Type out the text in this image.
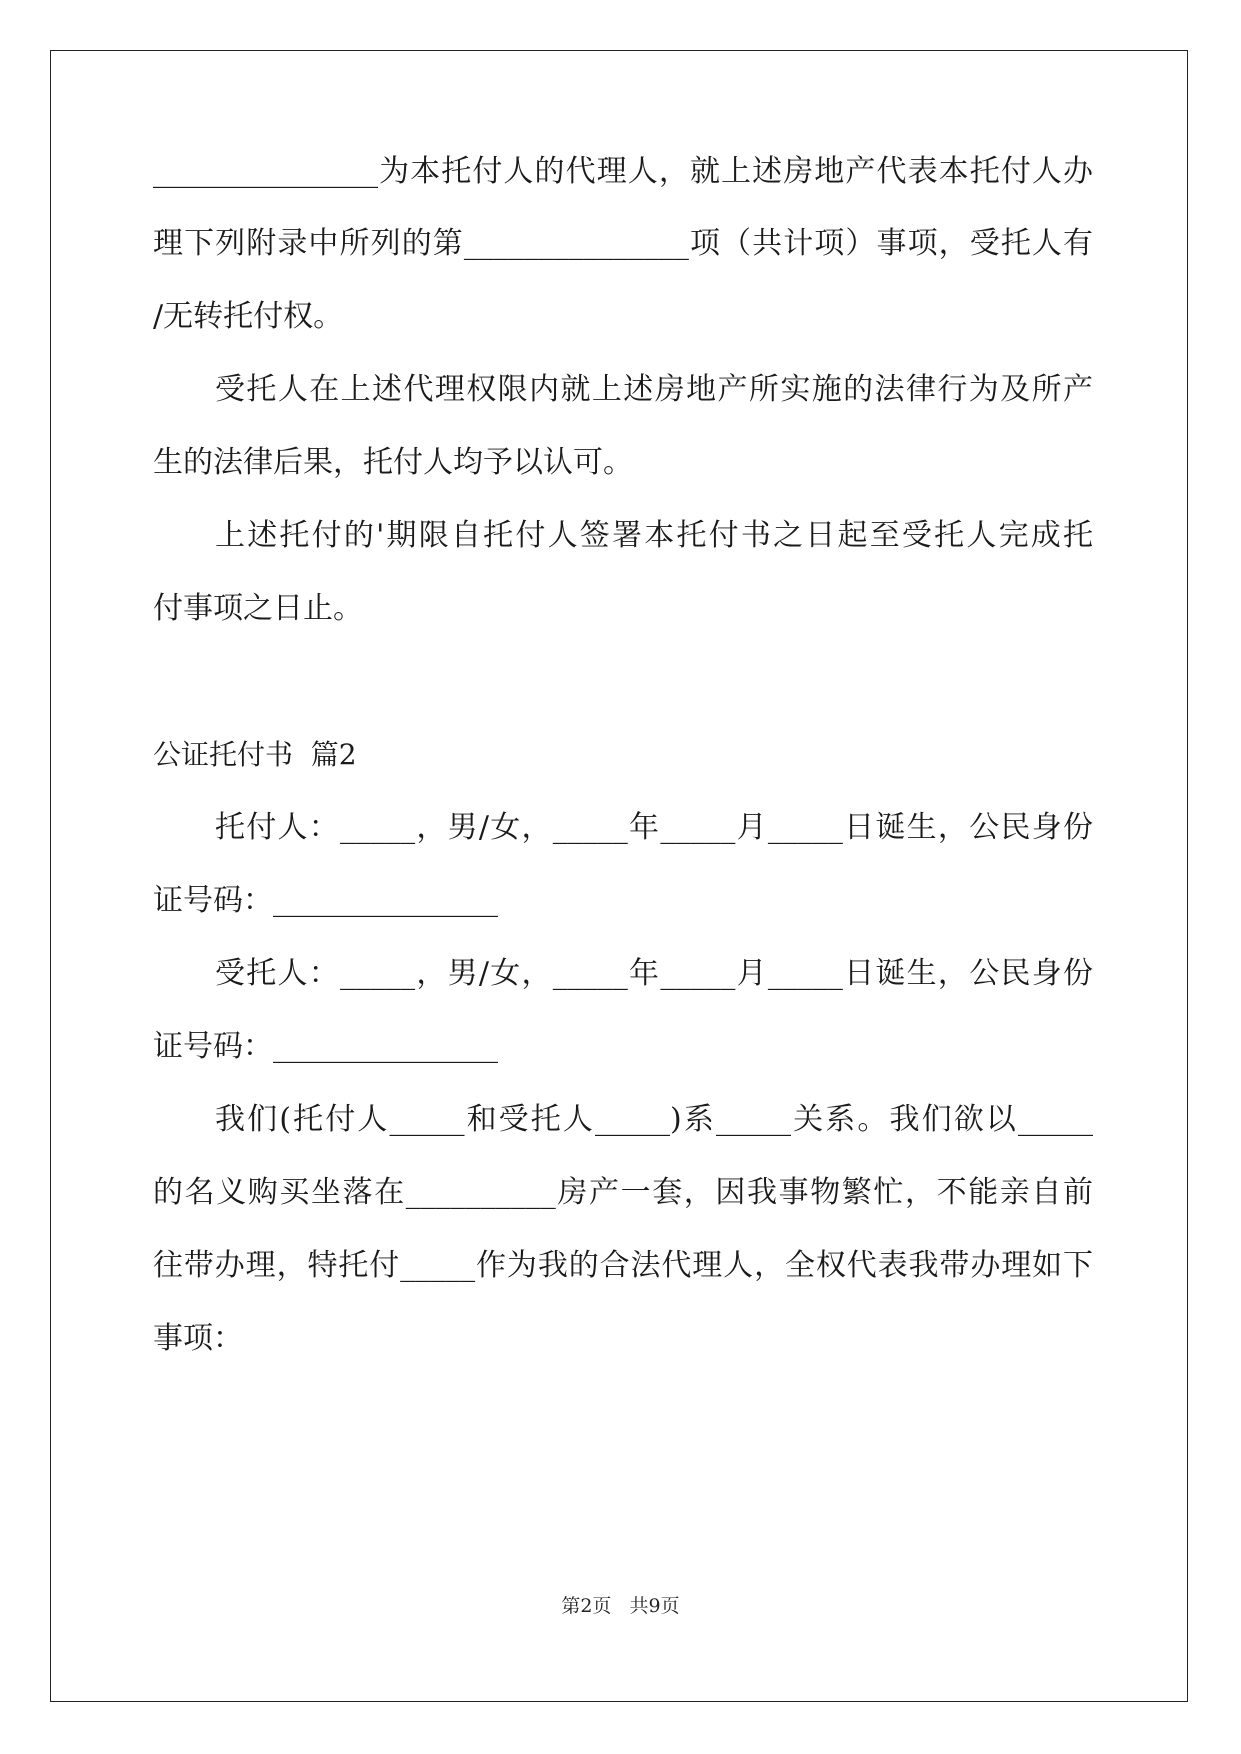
_______________为本托付人的代理人，就上述房地产代表本托付人办
理下列附录中所列的第_______________项（共计项）事项，受托人有
/无转托付权。
受托人在上述代理权限内就上述房地产所实施的法律行为及所产
生的法律后果，托付人均予以认可。
上述托付的'期限自托付人签署本托付书之日起至受托人完成托
付事项之日止。
公证托付书  篇2
托付人：_____，男/女，_____年_____月_____日诞生，公民身份
证号码：_______________
受托人：_____，男/女，_____年_____月_____日诞生，公民身份
证号码：_______________
我们(托付人_____和受托人_____)系_____关系。我们欲以_____
的名义购买坐落在__________房产一套，因我事物繁忙，不能亲自前
往带办理，特托付_____作为我的合法代理人，全权代表我带办理如下
事项：
第2页   共9页
